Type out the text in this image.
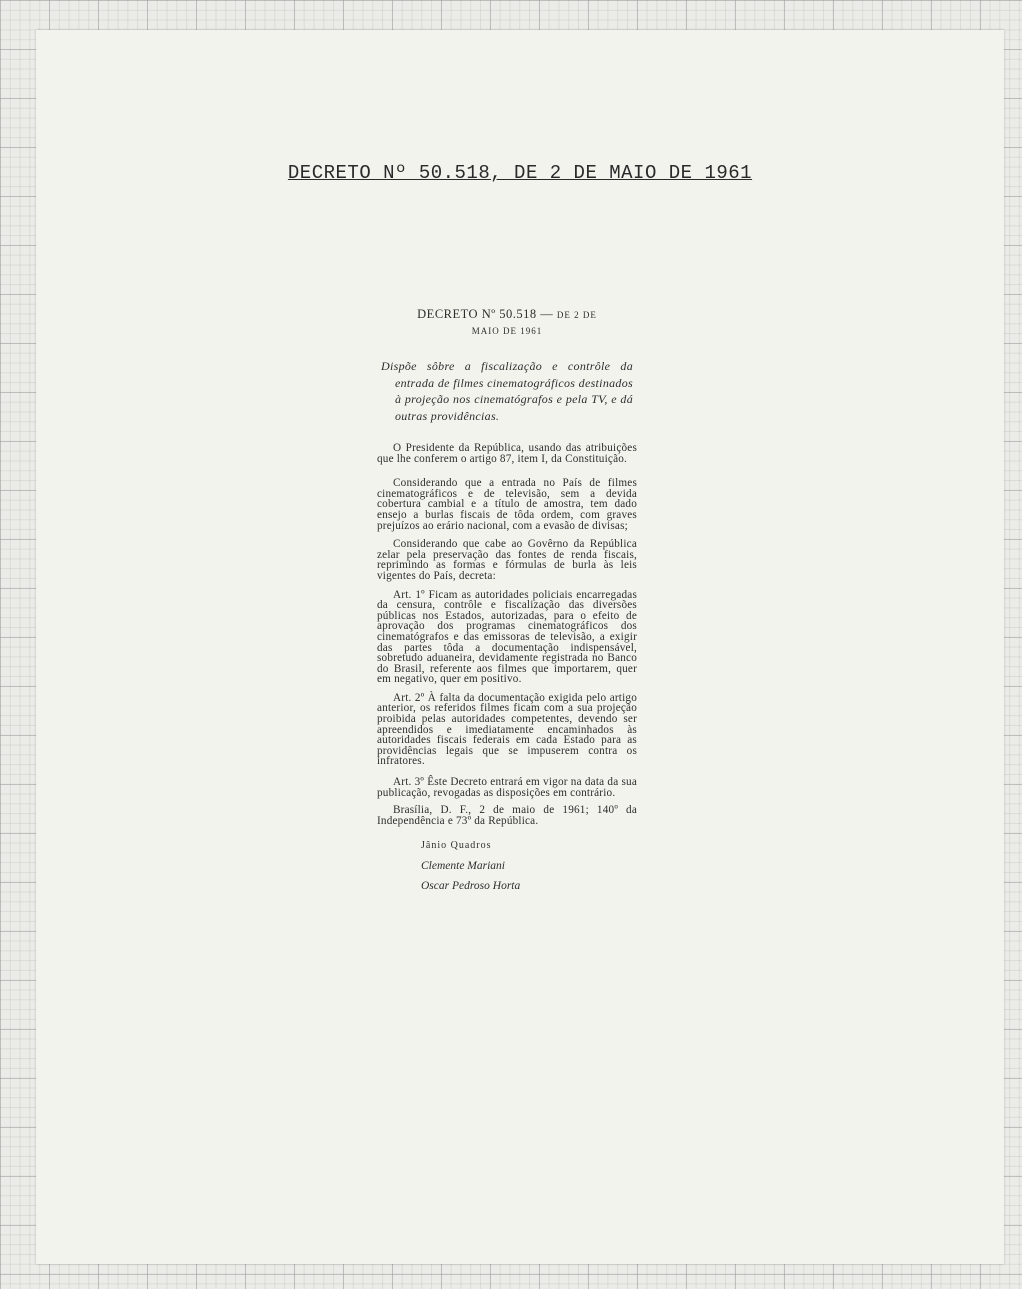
DECRETO Nº 50.518, DE 2 DE MAIO DE 1961
DECRETO Nº 50.518 — DE 2 DE
MAIO DE 1961

Dispõe sôbre a fiscalização e contrôle da entrada de filmes cinematográficos destinados à projeção nos cinematógrafos e pela TV, e dá outras providências.

O Presidente da República, usando das atribuições que lhe conferem o artigo 87, item I, da Constituição.

Considerando que a entrada no País de filmes cinematográficos e de televisão, sem a devida cobertura cambial e a título de amostra, tem dado ensejo a burlas fiscais de tôda ordem, com graves prejuízos ao erário nacional, com a evasão de divisas;

Considerando que cabe ao Govêrno da República zelar pela preservação das fontes de renda fiscais, reprimindo as formas e fórmulas de burla às leis vigentes do País, decreta:

Art. 1º Ficam as autoridades policiais encarregadas da censura, contrôle e fiscalização das diversões públicas nos Estados, autorizadas, para o efeito de aprovação dos programas cinematográficos dos cinematógrafos e das emissoras de televisão, a exigir das partes tôda a documentação indispensável, sobretudo aduaneira, devidamente registrada no Banco do Brasil, referente aos filmes que importarem, quer em negativo, quer em positivo.

Art. 2º À falta da documentação exigida pelo artigo anterior, os referidos filmes ficam com a sua projeção proibida pelas autoridades competentes, devendo ser apreendidos e imediatamente encaminhados às autoridades fiscais federais em cada Estado para as providências legais que se impuserem contra os infratores.

Art. 3º Êste Decreto entrará em vigor na data da sua publicação, revogadas as disposições em contrário.

Brasília, D. F., 2 de maio de 1961; 140º da Independência e 73º da República.

Jânio Quadros
Clemente Mariani
Oscar Pedroso Horta
